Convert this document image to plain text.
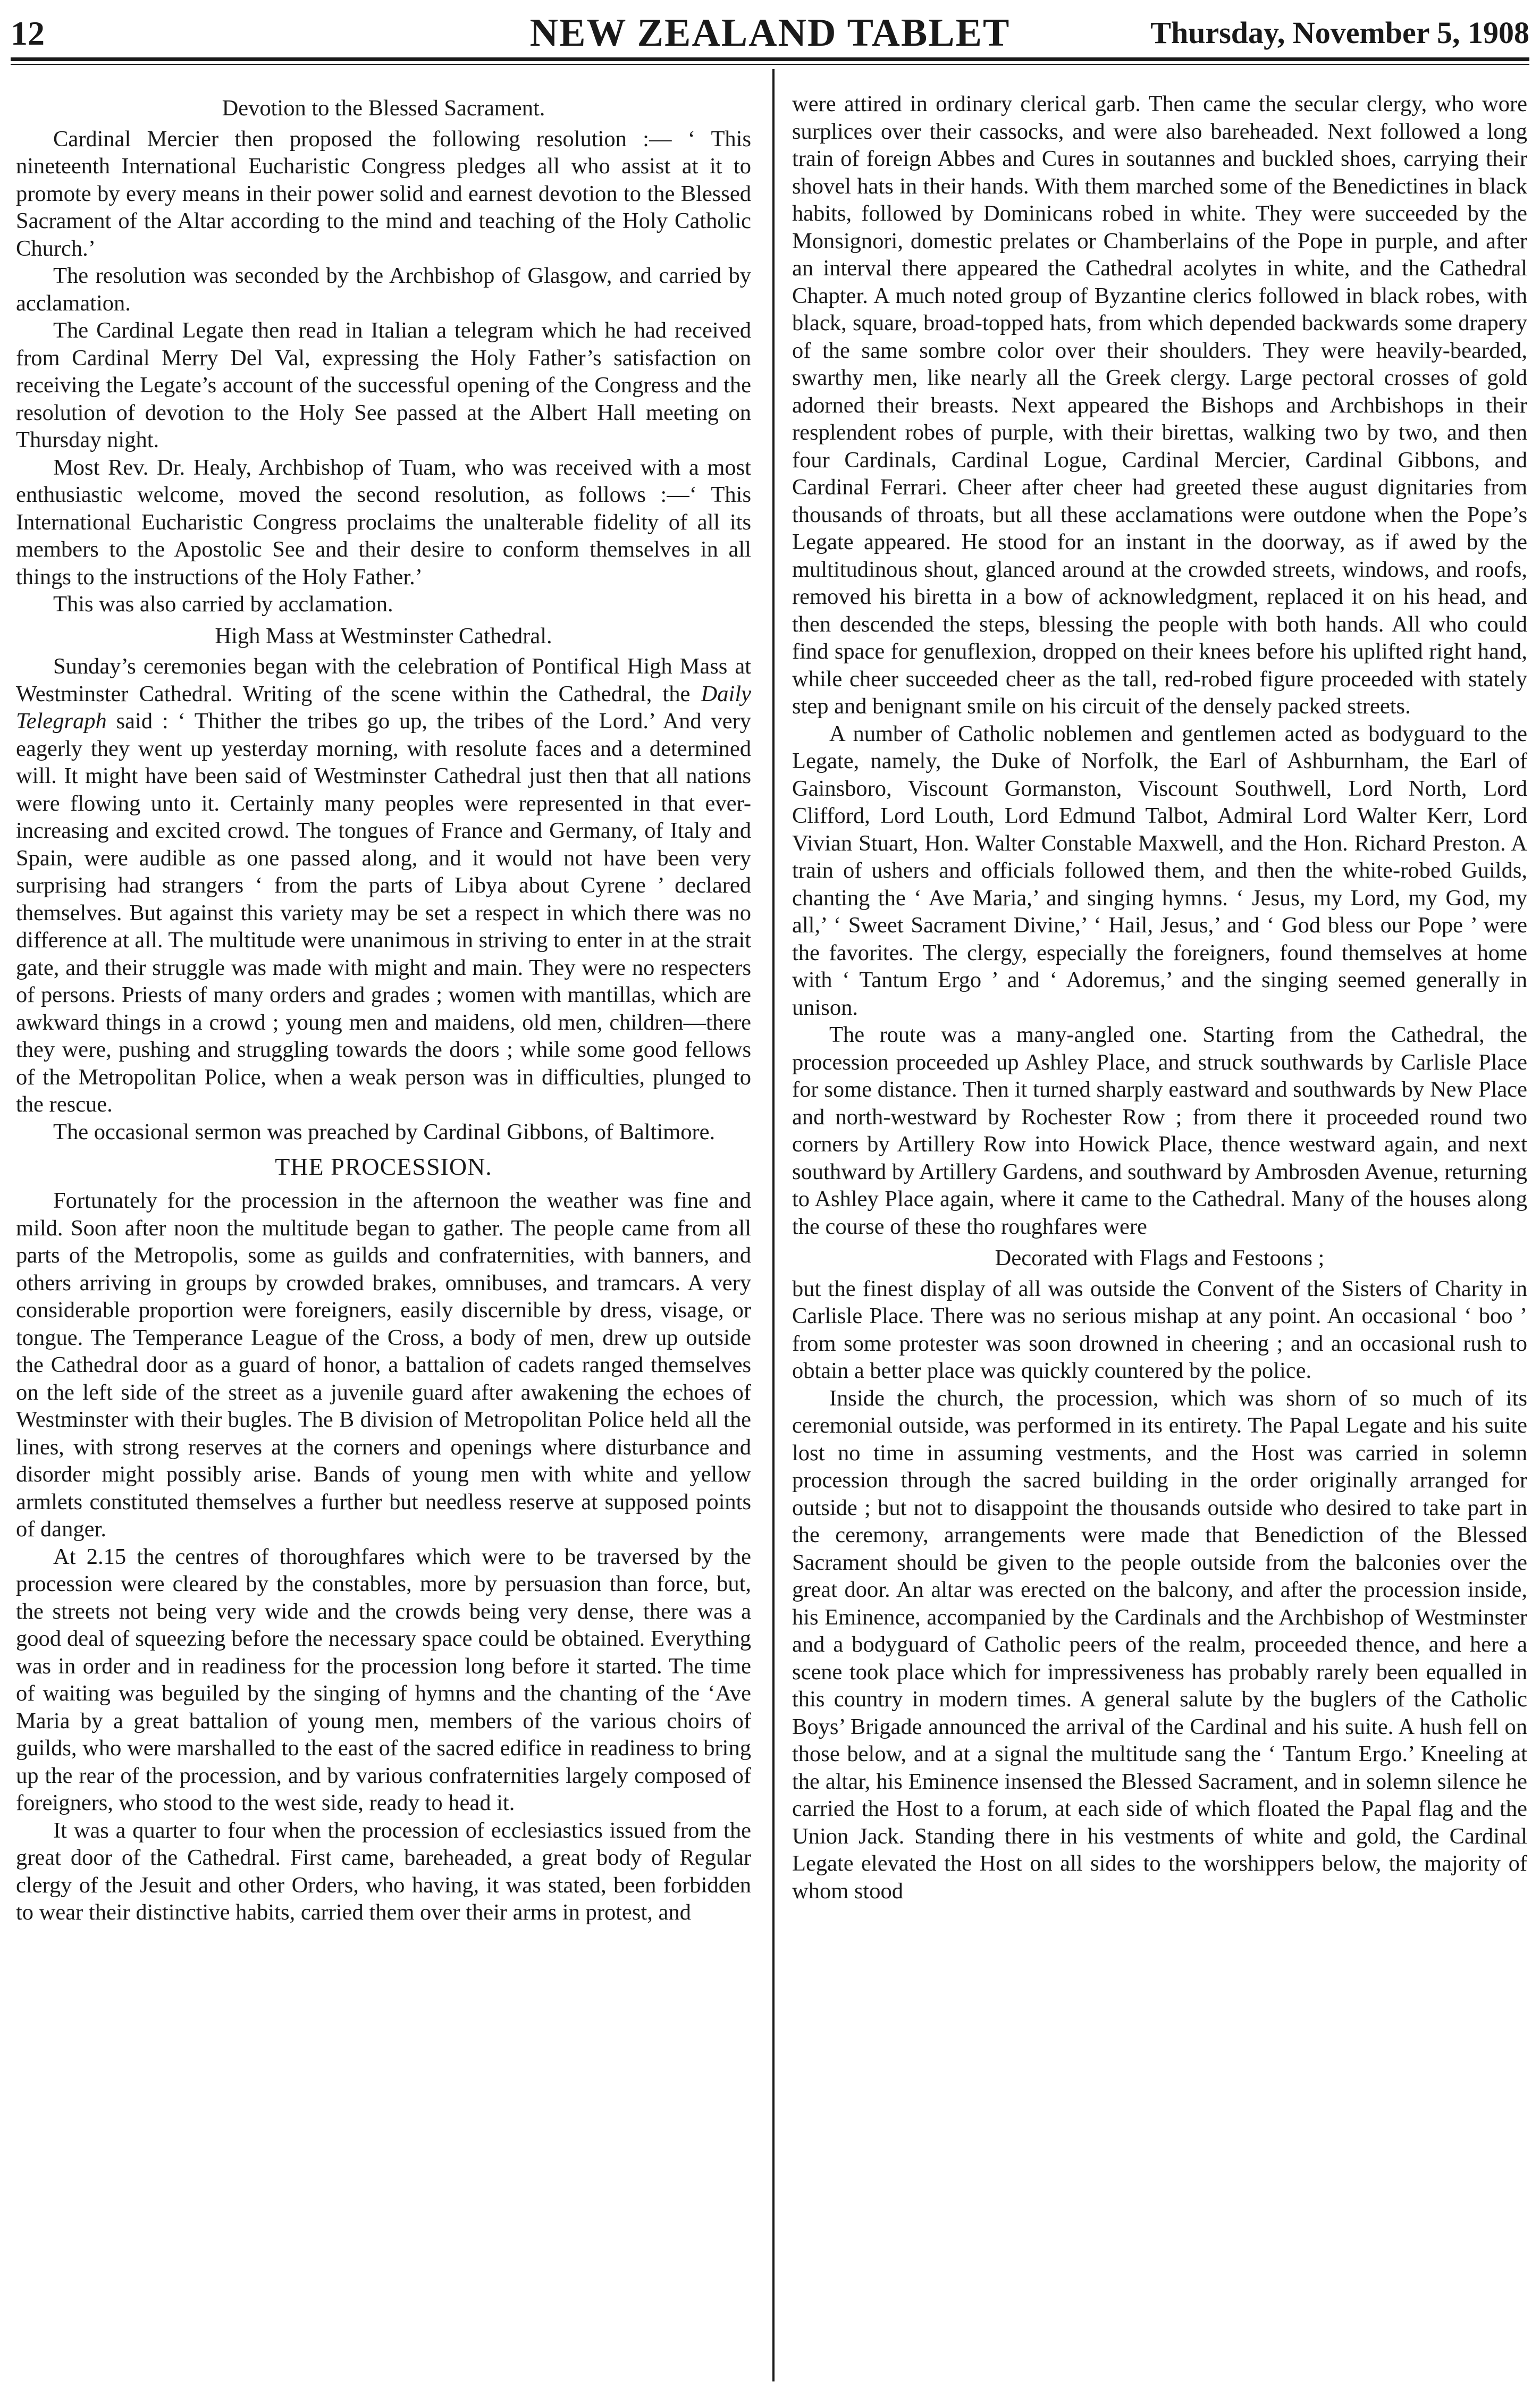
12	NEW ZEALAND TABLET	Thursday, November 5, 1908
Devotion to the Blessed Sacrament.

Cardinal Mercier then proposed the following resolution :— ‘ This nineteenth International Eucharistic Congress pledges all who assist at it to promote by every means in their power solid and earnest devotion to the Blessed Sacrament of the Altar according to the mind and teaching of the Holy Catholic Church.’

The resolution was seconded by the Archbishop of Glasgow, and carried by acclamation.

The Cardinal Legate then read in Italian a telegram which he had received from Cardinal Merry Del Val, expressing the Holy Father’s satisfaction on receiving the Legate’s account of the successful opening of the Congress and the resolution of devotion to the Holy See passed at the Albert Hall meeting on Thursday night.

Most Rev. Dr. Healy, Archbishop of Tuam, who was received with a most enthusiastic welcome, moved the second resolution, as follows :—‘ This International Eucharistic Congress proclaims the unalterable fidelity of all its members to the Apostolic See and their desire to conform themselves in all things to the instructions of the Holy Father.’

This was also carried by acclamation.

High Mass at Westminster Cathedral.

Sunday’s ceremonies began with the celebration of Pontifical High Mass at Westminster Cathedral. Writing of the scene within the Cathedral, the Daily Telegraph said : ‘ Thither the tribes go up, the tribes of the Lord.’ And very eagerly they went up yesterday morning, with resolute faces and a determined will. It might have been said of Westminster Cathedral just then that all nations were flowing unto it. Certainly many peoples were represented in that ever-increasing and excited crowd. The tongues of France and Germany, of Italy and Spain, were audible as one passed along, and it would not have been very surprising had strangers ‘ from the parts of Libya about Cyrene ’ declared themselves. But against this variety may be set a respect in which there was no difference at all. The multitude were unanimous in striving to enter in at the strait gate, and their struggle was made with might and main. They were no respecters of persons. Priests of many orders and grades ; women with mantillas, which are awkward things in a crowd ; young men and maidens, old men, children—there they were, pushing and struggling towards the doors ; while some good fellows of the Metropolitan Police, when a weak person was in difficulties, plunged to the rescue.

The occasional sermon was preached by Cardinal Gibbons, of Baltimore.

THE PROCESSION.

Fortunately for the procession in the afternoon the weather was fine and mild. Soon after noon the multitude began to gather. The people came from all parts of the Metropolis, some as guilds and confraternities, with banners, and others arriving in groups by crowded brakes, omnibuses, and tramcars. A very considerable proportion were foreigners, easily discernible by dress, visage, or tongue. The Temperance League of the Cross, a body of men, drew up outside the Cathedral door as a guard of honor, a battalion of cadets ranged themselves on the left side of the street as a juvenile guard after awakening the echoes of Westminster with their bugles. The B division of Metropolitan Police held all the lines, with strong reserves at the corners and openings where disturbance and disorder might possibly arise. Bands of young men with white and yellow armlets constituted themselves a further but needless reserve at supposed points of danger.

At 2.15 the centres of thoroughfares which were to be traversed by the procession were cleared by the constables, more by persuasion than force, but, the streets not being very wide and the crowds being very dense, there was a good deal of squeezing before the necessary space could be obtained. Everything was in order and in readiness for the procession long before it started. The time of waiting was beguiled by the singing of hymns and the chanting of the ‘Ave Maria by a great battalion of young men, members of the various choirs of guilds, who were marshalled to the east of the sacred edifice in readiness to bring up the rear of the procession, and by various confraternities largely composed of foreigners, who stood to the west side, ready to head it.

It was a quarter to four when the procession of ecclesiastics issued from the great door of the Cathedral. First came, bareheaded, a great body of Regular clergy of the Jesuit and other Orders, who having, it was stated, been forbidden to wear their distinctive habits, carried them over their arms in protest, and

were attired in ordinary clerical garb. Then came the secular clergy, who wore surplices over their cassocks, and were also bareheaded. Next followed a long train of foreign Abbes and Cures in soutannes and buckled shoes, carrying their shovel hats in their hands. With them marched some of the Benedictines in black habits, followed by Dominicans robed in white. They were succeeded by the Monsignori, domestic prelates or Chamberlains of the Pope in purple, and after an interval there appeared the Cathedral acolytes in white, and the Cathedral Chapter. A much noted group of Byzantine clerics followed in black robes, with black, square, broad-topped hats, from which depended backwards some drapery of the same sombre color over their shoulders. They were heavily-bearded, swarthy men, like nearly all the Greek clergy. Large pectoral crosses of gold adorned their breasts. Next appeared the Bishops and Archbishops in their resplendent robes of purple, with their birettas, walking two by two, and then four Cardinals, Cardinal Logue, Cardinal Mercier, Cardinal Gibbons, and Cardinal Ferrari. Cheer after cheer had greeted these august dignitaries from thousands of throats, but all these acclamations were outdone when the Pope’s Legate appeared. He stood for an instant in the doorway, as if awed by the multitudinous shout, glanced around at the crowded streets, windows, and roofs, removed his biretta in a bow of acknowledgment, replaced it on his head, and then descended the steps, blessing the people with both hands. All who could find space for genuflexion, dropped on their knees before his uplifted right hand, while cheer succeeded cheer as the tall, red-robed figure proceeded with stately step and benignant smile on his circuit of the densely packed streets.

A number of Catholic noblemen and gentlemen acted as bodyguard to the Legate, namely, the Duke of Norfolk, the Earl of Ashburnham, the Earl of Gainsboro, Viscount Gormanston, Viscount Southwell, Lord North, Lord Clifford, Lord Louth, Lord Edmund Talbot, Admiral Lord Walter Kerr, Lord Vivian Stuart, Hon. Walter Constable Maxwell, and the Hon. Richard Preston. A train of ushers and officials followed them, and then the white-robed Guilds, chanting the ‘ Ave Maria,’ and singing hymns. ‘ Jesus, my Lord, my God, my all,’ ‘ Sweet Sacrament Divine,’ ‘ Hail, Jesus,’ and ‘ God bless our Pope ’ were the favorites. The clergy, especially the foreigners, found themselves at home with ‘ Tantum Ergo ’ and ‘ Adoremus,’ and the singing seemed generally in unison.

The route was a many-angled one. Starting from the Cathedral, the procession proceeded up Ashley Place, and struck southwards by Carlisle Place for some distance. Then it turned sharply eastward and southwards by New Place and north-westward by Rochester Row ; from there it proceeded round two corners by Artillery Row into Howick Place, thence westward again, and next southward by Artillery Gardens, and southward by Ambrosden Avenue, returning to Ashley Place again, where it came to the Cathedral. Many of the houses along the course of these tho roughfares were

Decorated with Flags and Festoons ;

but the finest display of all was outside the Convent of the Sisters of Charity in Carlisle Place. There was no serious mishap at any point. An occasional ‘ boo ’ from some protester was soon drowned in cheering ; and an occasional rush to obtain a better place was quickly countered by the police.

Inside the church, the procession, which was shorn of so much of its ceremonial outside, was performed in its entirety. The Papal Legate and his suite lost no time in assuming vestments, and the Host was carried in solemn procession through the sacred building in the order originally arranged for outside ; but not to disappoint the thousands outside who desired to take part in the ceremony, arrangements were made that Benediction of the Blessed Sacrament should be given to the people outside from the balconies over the great door. An altar was erected on the balcony, and after the procession inside, his Eminence, accompanied by the Cardinals and the Archbishop of Westminster and a bodyguard of Catholic peers of the realm, proceeded thence, and here a scene took place which for impressiveness has probably rarely been equalled in this country in modern times. A general salute by the buglers of the Catholic Boys’ Brigade announced the arrival of the Cardinal and his suite. A hush fell on those below, and at a signal the multitude sang the ‘ Tantum Ergo.’ Kneeling at the altar, his Eminence insensed the Blessed Sacrament, and in solemn silence he carried the Host to a forum, at each side of which floated the Papal flag and the Union Jack. Standing there in his vestments of white and gold, the Cardinal Legate elevated the Host on all sides to the worshippers below, the majority of whom stood
